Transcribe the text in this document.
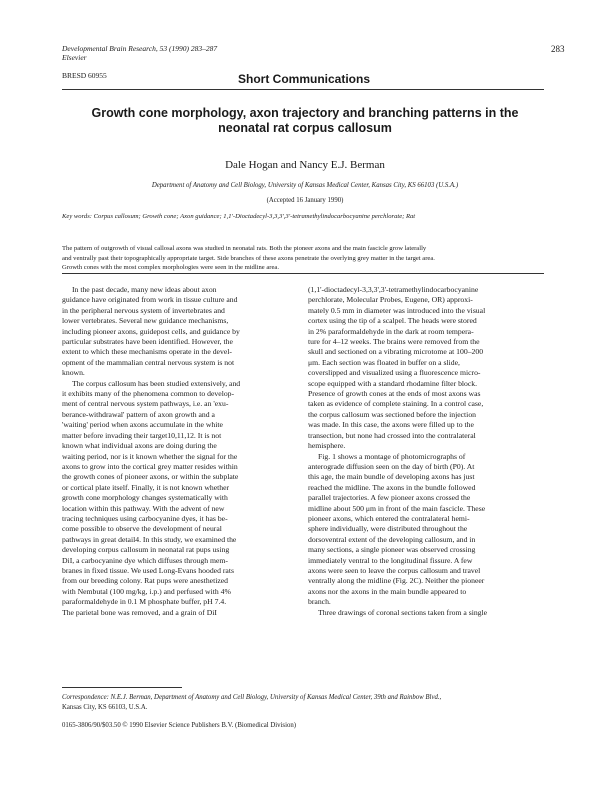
Developmental Brain Research, 53 (1990) 283–287
Elsevier
283
BRESD 60955	Short Communications
Growth cone morphology, axon trajectory and branching patterns in the
neonatal rat corpus callosum
Dale Hogan and Nancy E.J. Berman
Department of Anatomy and Cell Biology, University of Kansas Medical Center, Kansas City, KS 66103 (U.S.A.)
(Accepted 16 January 1990)
Key words: Corpus callosum; Growth cone; Axon guidance; 1,1'-Dioctadecyl-3,3,3',3'-tetramethylindocarbocyanine perchlorate; Rat
The pattern of outgrowth of visual callosal axons was studied in neonatal rats. Both the pioneer axons and the main fascicle grow laterally
and ventrally past their topographically appropriate target. Side branches of these axons penetrate the overlying grey matter in the target area.
Growth cones with the most complex morphologies were seen in the midline area.
In the past decade, many new ideas about axon
guidance have originated from work in tissue culture and
in the peripheral nervous system of invertebrates and
lower vertebrates. Several new guidance mechanisms,
including pioneer axons, guidepost cells, and guidance by
particular substrates have been identified. However, the
extent to which these mechanisms operate in the devel-
opment of the mammalian central nervous system is not
known.
The corpus callosum has been studied extensively, and
it exhibits many of the phenomena common to develop-
ment of central nervous system pathways, i.e. an 'exu-
berance-withdrawal' pattern of axon growth and a
'waiting' period when axons accumulate in the white
matter before invading their target10,11,12. It is not
known what individual axons are doing during the
waiting period, nor is it known whether the signal for the
axons to grow into the cortical grey matter resides within
the growth cones of pioneer axons, or within the subplate
or cortical plate itself. Finally, it is not known whether
growth cone morphology changes systematically with
location within this pathway. With the advent of new
tracing techniques using carbocyanine dyes, it has be-
come possible to observe the development of neural
pathways in great detail4. In this study, we examined the
developing corpus callosum in neonatal rat pups using
DiI, a carbocyanine dye which diffuses through mem-
branes in fixed tissue. We used Long-Evans hooded rats
from our breeding colony. Rat pups were anesthetized
with Nembutal (100 mg/kg, i.p.) and perfused with 4%
paraformaldehyde in 0.1 M phosphate buffer, pH 7.4.
The parietal bone was removed, and a grain of DiI
(1,1'-dioctadecyl-3,3,3',3'-tetramethylindocarbocyanine
perchlorate, Molecular Probes, Eugene, OR) approxi-
mately 0.5 mm in diameter was introduced into the visual
cortex using the tip of a scalpel. The heads were stored
in 2% paraformaldehyde in the dark at room tempera-
ture for 4–12 weeks. The brains were removed from the
skull and sectioned on a vibrating microtome at 100–200
μm. Each section was floated in buffer on a slide,
coverslipped and visualized using a fluorescence micro-
scope equipped with a standard rhodamine filter block.
Presence of growth cones at the ends of most axons was
taken as evidence of complete staining. In a control case,
the corpus callosum was sectioned before the injection
was made. In this case, the axons were filled up to the
transection, but none had crossed into the contralateral
hemisphere.
Fig. 1 shows a montage of photomicrographs of
anterograde diffusion seen on the day of birth (P0). At
this age, the main bundle of developing axons has just
reached the midline. The axons in the bundle followed
parallel trajectories. A few pioneer axons crossed the
midline about 500 μm in front of the main fascicle. These
pioneer axons, which entered the contralateral hemi-
sphere individually, were distributed throughout the
dorsoventral extent of the developing callosum, and in
many sections, a single pioneer was observed crossing
immediately ventral to the longitudinal fissure. A few
axons were seen to leave the corpus callosum and travel
ventrally along the midline (Fig. 2C). Neither the pioneer
axons nor the axons in the main bundle appeared to
branch.
Three drawings of coronal sections taken from a single
Correspondence: N.E.J. Berman, Department of Anatomy and Cell Biology, University of Kansas Medical Center, 39th and Rainbow Blvd.,
Kansas City, KS 66103, U.S.A.
0165-3806/90/$03.50 © 1990 Elsevier Science Publishers B.V. (Biomedical Division)
